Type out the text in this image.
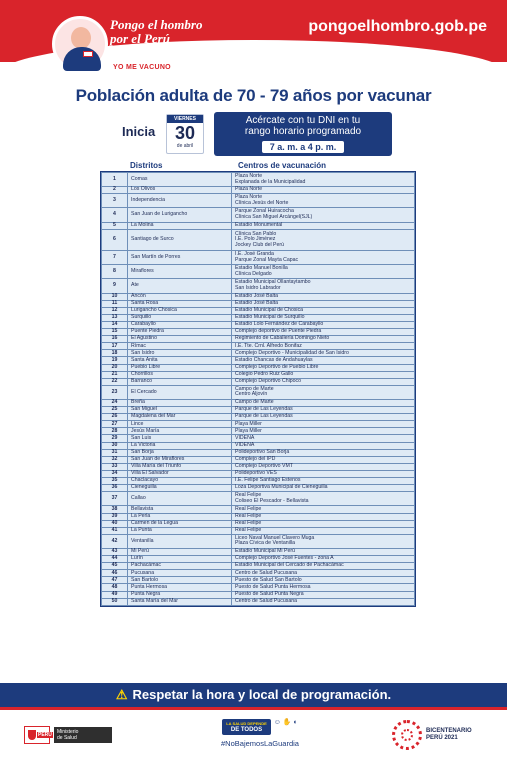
Pongo el hombro por el Perú
YO ME VACUNO
pongoelhombro.gob.pe
Población adulta de 70 - 79 años por vacunar
Inicia
VIERNES
30
de abril
Acércate con tu DNI en tu
rango horario programado
7 a. m. a 4 p. m.
Distritos	Centros de vacunación
1	Comas	Plaza Norte
Explanada de la Municipalidad

2	Los Olivos	Plaza Norte

3	Independencia	Plaza Norte
Clínica Jesús del Norte

4	San Juan de Lurigancho	Parque Zonal Huiracocha
Clínica San Miguel Arcángel(SJL)

5	La Molina	Estadio Monumental

6	Santiago de Surco	Clínica San Pablo
I.E. Polo Jiménez
Jockey Club del Perú

7	San Martín de Porres	I.E. José Granda
Parque Zonal Mayta Capac

8	Miraflores	Estadio Manuel Bonilla
Clínica Delgado

9	Ate	Estadio Municipal Ollantaytambo
San Isidro Labrador

10	Ancón	Estadio José Balta

11	Santa Rosa	Estadio José Balta

12	Lurigancho Chosica	Estadio Municipal de Chosica

13	Surquillo	Estadio Municipal de Surquillo

14	Carabayllo	Estadio Lolo Fernández de Carabayllo

15	Puente Piedra	Complejo deportivo de Puente Piedra

16	El Agustino	Regimiento de Caballería Domingo Nieto

17	Rímac	I.E. Tte. Crnl. Alfredo Bonifaz

18	San Isidro	Complejo Deportivo - Municipalidad de San Isidro

19	Santa Anita	Estadio Chancas de Andahuaylas

20	Pueblo Libre	Complejo Deportivo de Pueblo Libre

21	Chorrillos	Colegio Pedro Ruiz Gallo

22	Barranco	Complejo Deportivo Chipoco

23	El Cercado	Campo de Marte
Centro Aljovín

24	Breña	Campo de Marte

25	San Miguel	Parque de Las Leyendas

26	Magdalena del Mar	Parque de Las Leyendas

27	Lince	Playa Miller

28	Jesús María	Playa Miller

29	San Luis	VIDENA

30	La Victoria	VIDENA

31	San Borja	Polideportivo San Borja

32	San Juan de Miraflores	Complejo del IPD

33	Villa María del Triunfo	Complejo Deportivo VMT

34	Villa El Salvador	Polideportivo VES

35	Chaclacayo	I.E. Felipe Santiago Estenos

36	Cieneguilla	Loza Deportiva Municipal de Cieneguilla

37	Callao	Real Felipe
Coliseo El Pescador - Bellavista

38	Bellavista	Real Felipe

39	La Perla	Real Felipe

40	Carmen de la Legua	Real Felipe

41	La Punta	Real Felipe

42	Ventanilla	Liceo Naval Manuel Clavero Muga
Plaza Cívica de Ventanilla

43	Mi Perú	Estadio Municipal Mi Perú

44	Lurín	Complejo Deportivo José Fuentes - zona A

45	Pachacámac	Estadio Municipal del Cercado de Pachacámac

46	Pucusana	Centro de Salud Pucusana

47	San Bartolo	Puesto de Salud San Bartolo

48	Punta Hermosa	Puesto de Salud Punta Hermosa

49	Punta Negra	Puesto de Salud Punta Negra

50	Santa María del Mar	Centro de Salud Pucusana
⚠ Respetar la hora y local de programación.
PERÚ Ministerio
de Salud
LA SALUD DEPENDE
DE TODOS☺ ✋ ◐
#NoBajemosLaGuardia
BICENTENARIO
PERÚ 2021
